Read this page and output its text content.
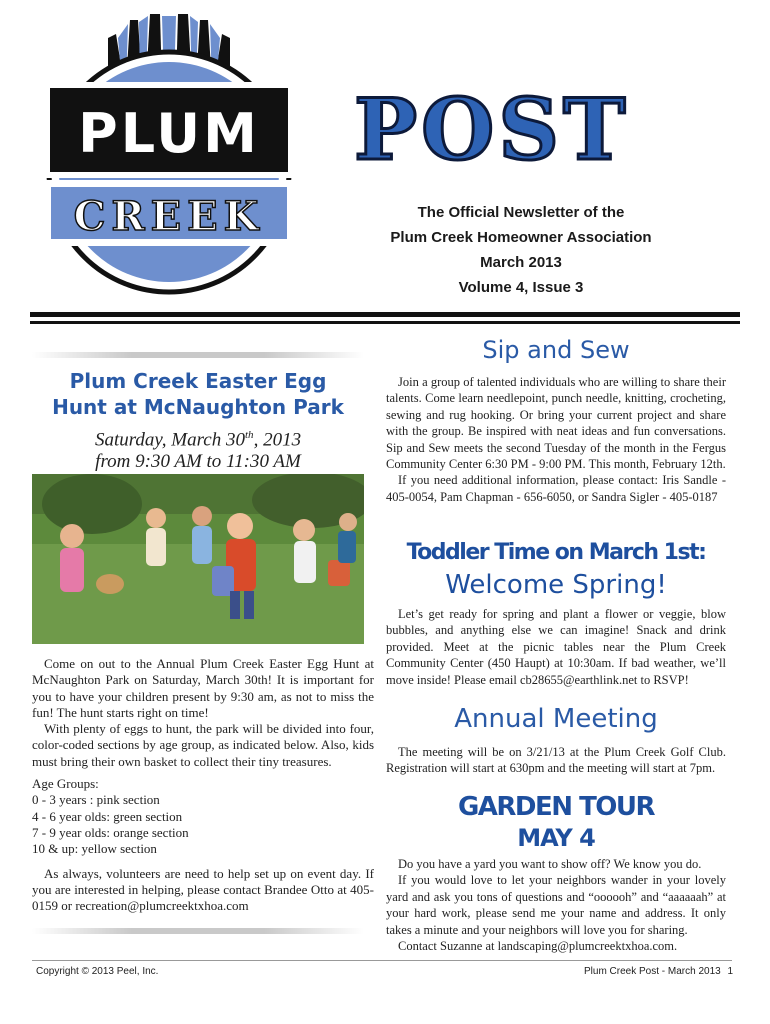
PLUM
CREEK
POST
The Official Newsletter of the
Plum Creek Homeowner Association
March 2013
Volume 4, Issue 3
Plum Creek Easter Egg
Hunt at McNaughton Park
Saturday, March 30th, 2013
from 9:30 AM to 11:30 AM

Come on out to the Annual Plum Creek Easter Egg Hunt at McNaughton Park on Saturday, March 30th! It is important for you to have your children present by 9:30 am, as not to miss the fun! The hunt starts right on time!

With plenty of eggs to hunt, the park will be divided into four, color-coded sections by age group, as indicated below. Also, kids must bring their own basket to collect their tiny treasures.

Age Groups:

0 - 3 years : pink section

4 - 6 year olds: green section

7 - 9 year olds: orange section

10 & up: yellow section

As always, volunteers are need to help set up on event day. If you are interested in helping, please contact Brandee Otto at 405-0159 or recreation@plumcreektxhoa.com

Sip and Sew

Join a group of talented individuals who are willing to share their talents. Come learn needlepoint, punch needle, knitting, crocheting, sewing and rug hooking. Or bring your current project and share with the group. Be inspired with neat ideas and fun conversations. Sip and Sew meets the second Tuesday of the month in the Fergus Community Center 6:30 PM - 9:00 PM. This month, February 12th.

If you need additional information, please contact: Iris Sandle - 405-0054, Pam Chapman - 656-6050, or Sandra Sigler - 405-0187

Toddler Time on March 1st:
Welcome Spring!

Let’s get ready for spring and plant a flower or veggie, blow bubbles, and anything else we can imagine! Snack and drink provided. Meet at the picnic tables near the Plum Creek Community Center (450 Haupt) at 10:30am. If bad weather, we’ll move inside! Please email cb28655@earthlink.net to RSVP!

Annual Meeting

The meeting will be on 3/21/13 at the Plum Creek Golf Club. Registration will start at 630pm and the meeting will start at 7pm.

GARDEN TOUR
MAY 4

Do you have a yard you want to show off? We know you do.

If you would love to let your neighbors wander in your lovely yard and ask you tons of questions and “oooooh” and “aaaaaah” at your hard work, please send me your name and address. It only takes a minute and your neighbors will love you for sharing.

Contact Suzanne at landscaping@plumcreektxhoa.com.

Copyright © 2013 Peel, Inc.	Plum Creek Post - March 2013 1
